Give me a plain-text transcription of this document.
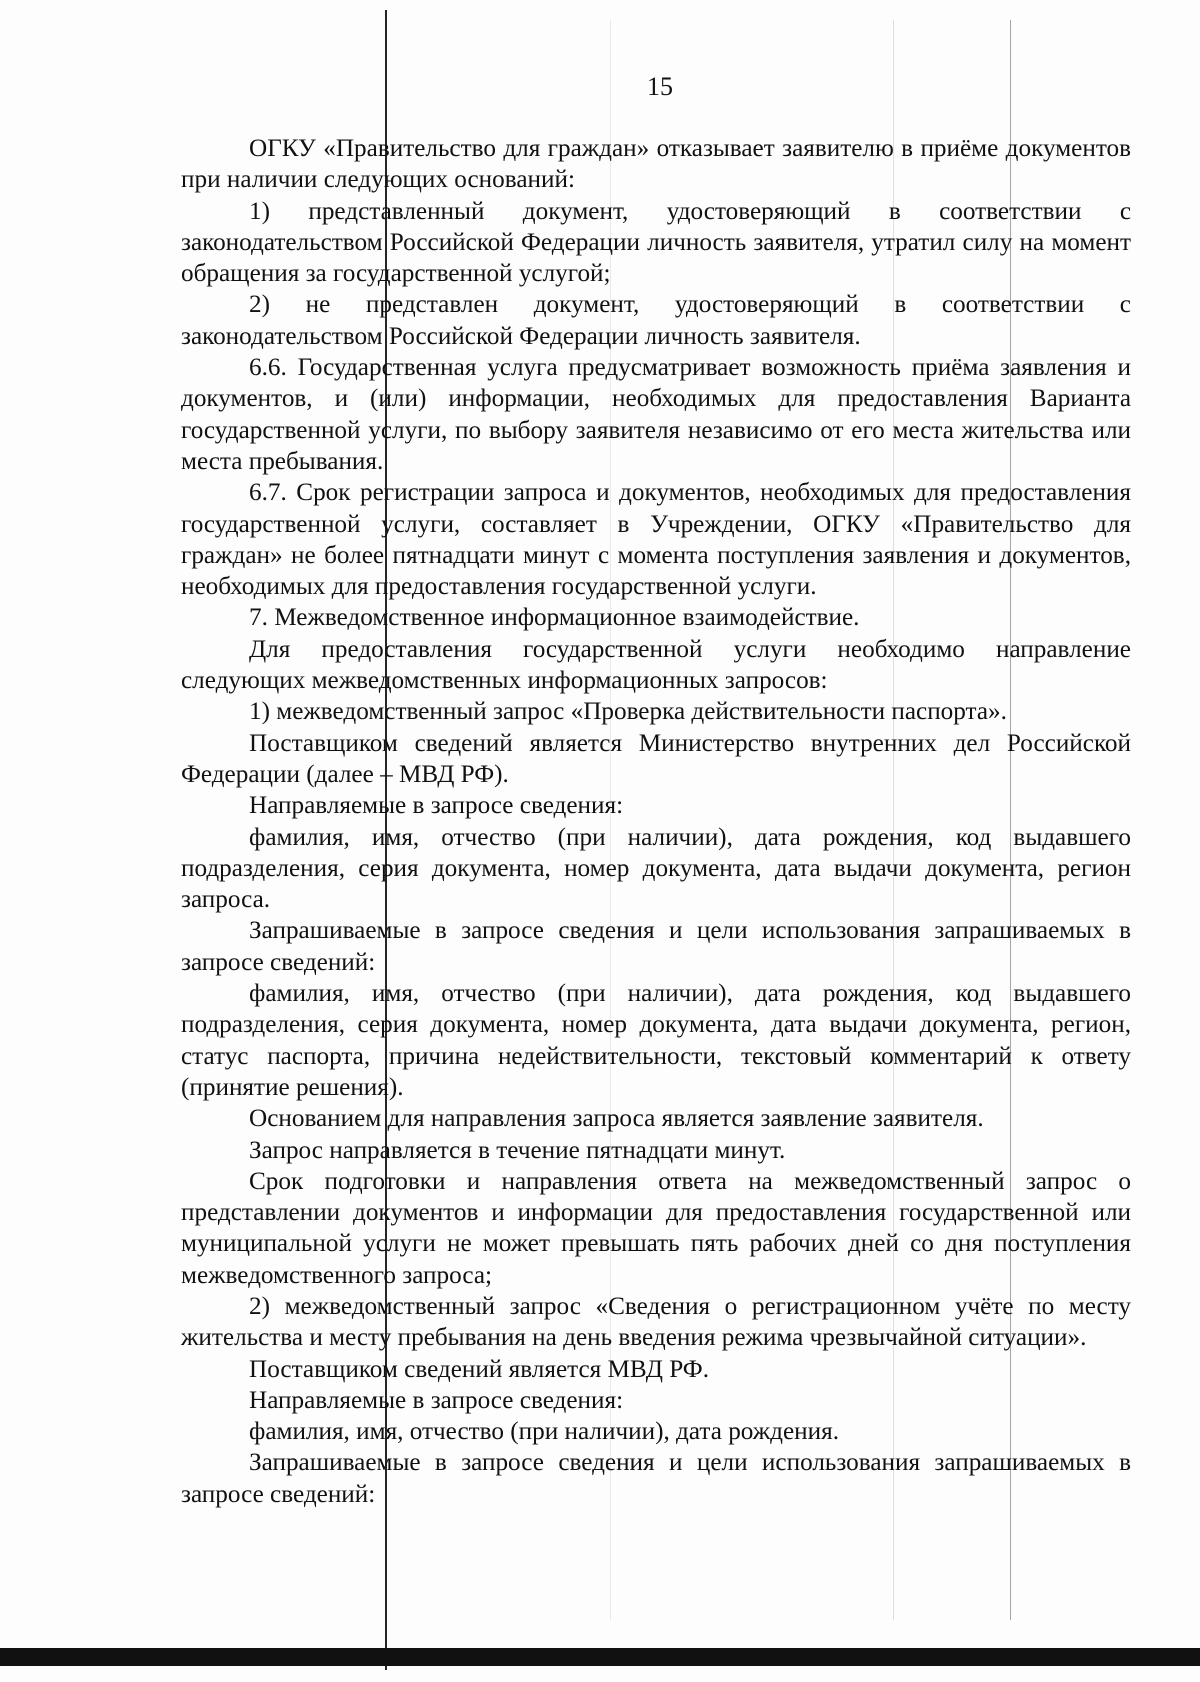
15

ОГКУ «Правительство для граждан» отказывает заявителю в приёме документов при наличии следующих оснований:

1) представленный документ, удостоверяющий в соответствии с законодательством Российской Федерации личность заявителя, утратил силу на момент обращения за государственной услугой;

2) не представлен документ, удостоверяющий в соответствии с законодательством Российской Федерации личность заявителя.

6.6. Государственная услуга предусматривает возможность приёма заявления и документов, и (или) информации, необходимых для предоставления Варианта государственной услуги, по выбору заявителя независимо от его места жительства или места пребывания.

6.7. Срок регистрации запроса и документов, необходимых для предоставления государственной услуги, составляет в Учреждении, ОГКУ «Правительство для граждан» не более пятнадцати минут с момента поступления заявления и документов, необходимых для предоставления государственной услуги.

7. Межведомственное информационное взаимодействие.

Для предоставления государственной услуги необходимо направление следующих межведомственных информационных запросов:

1) межведомственный запрос «Проверка действительности паспорта».

Поставщиком сведений является Министерство внутренних дел Российской Федерации (далее – МВД РФ).

Направляемые в запросе сведения:

фамилия, имя, отчество (при наличии), дата рождения, код выдавшего подразделения, серия документа, номер документа, дата выдачи документа, регион запроса.

Запрашиваемые в запросе сведения и цели использования запрашиваемых в запросе сведений:

фамилия, имя, отчество (при наличии), дата рождения, код выдавшего подразделения, серия документа, номер документа, дата выдачи документа, регион, статус паспорта, причина недействительности, текстовый комментарий к ответу (принятие решения).

Основанием для направления запроса является заявление заявителя.

Запрос направляется в течение пятнадцати минут.

Срок подготовки и направления ответа на межведомственный запрос о представлении документов и информации для предоставления государственной или муниципальной услуги не может превышать пять рабочих дней со дня поступления межведомственного запроса;

2) межведомственный запрос «Сведения о регистрационном учёте по месту жительства и месту пребывания на день введения режима чрезвычайной ситуации».

Поставщиком сведений является МВД РФ.

Направляемые в запросе сведения:

фамилия, имя, отчество (при наличии), дата рождения.

Запрашиваемые в запросе сведения и цели использования запрашиваемых в запросе сведений:
